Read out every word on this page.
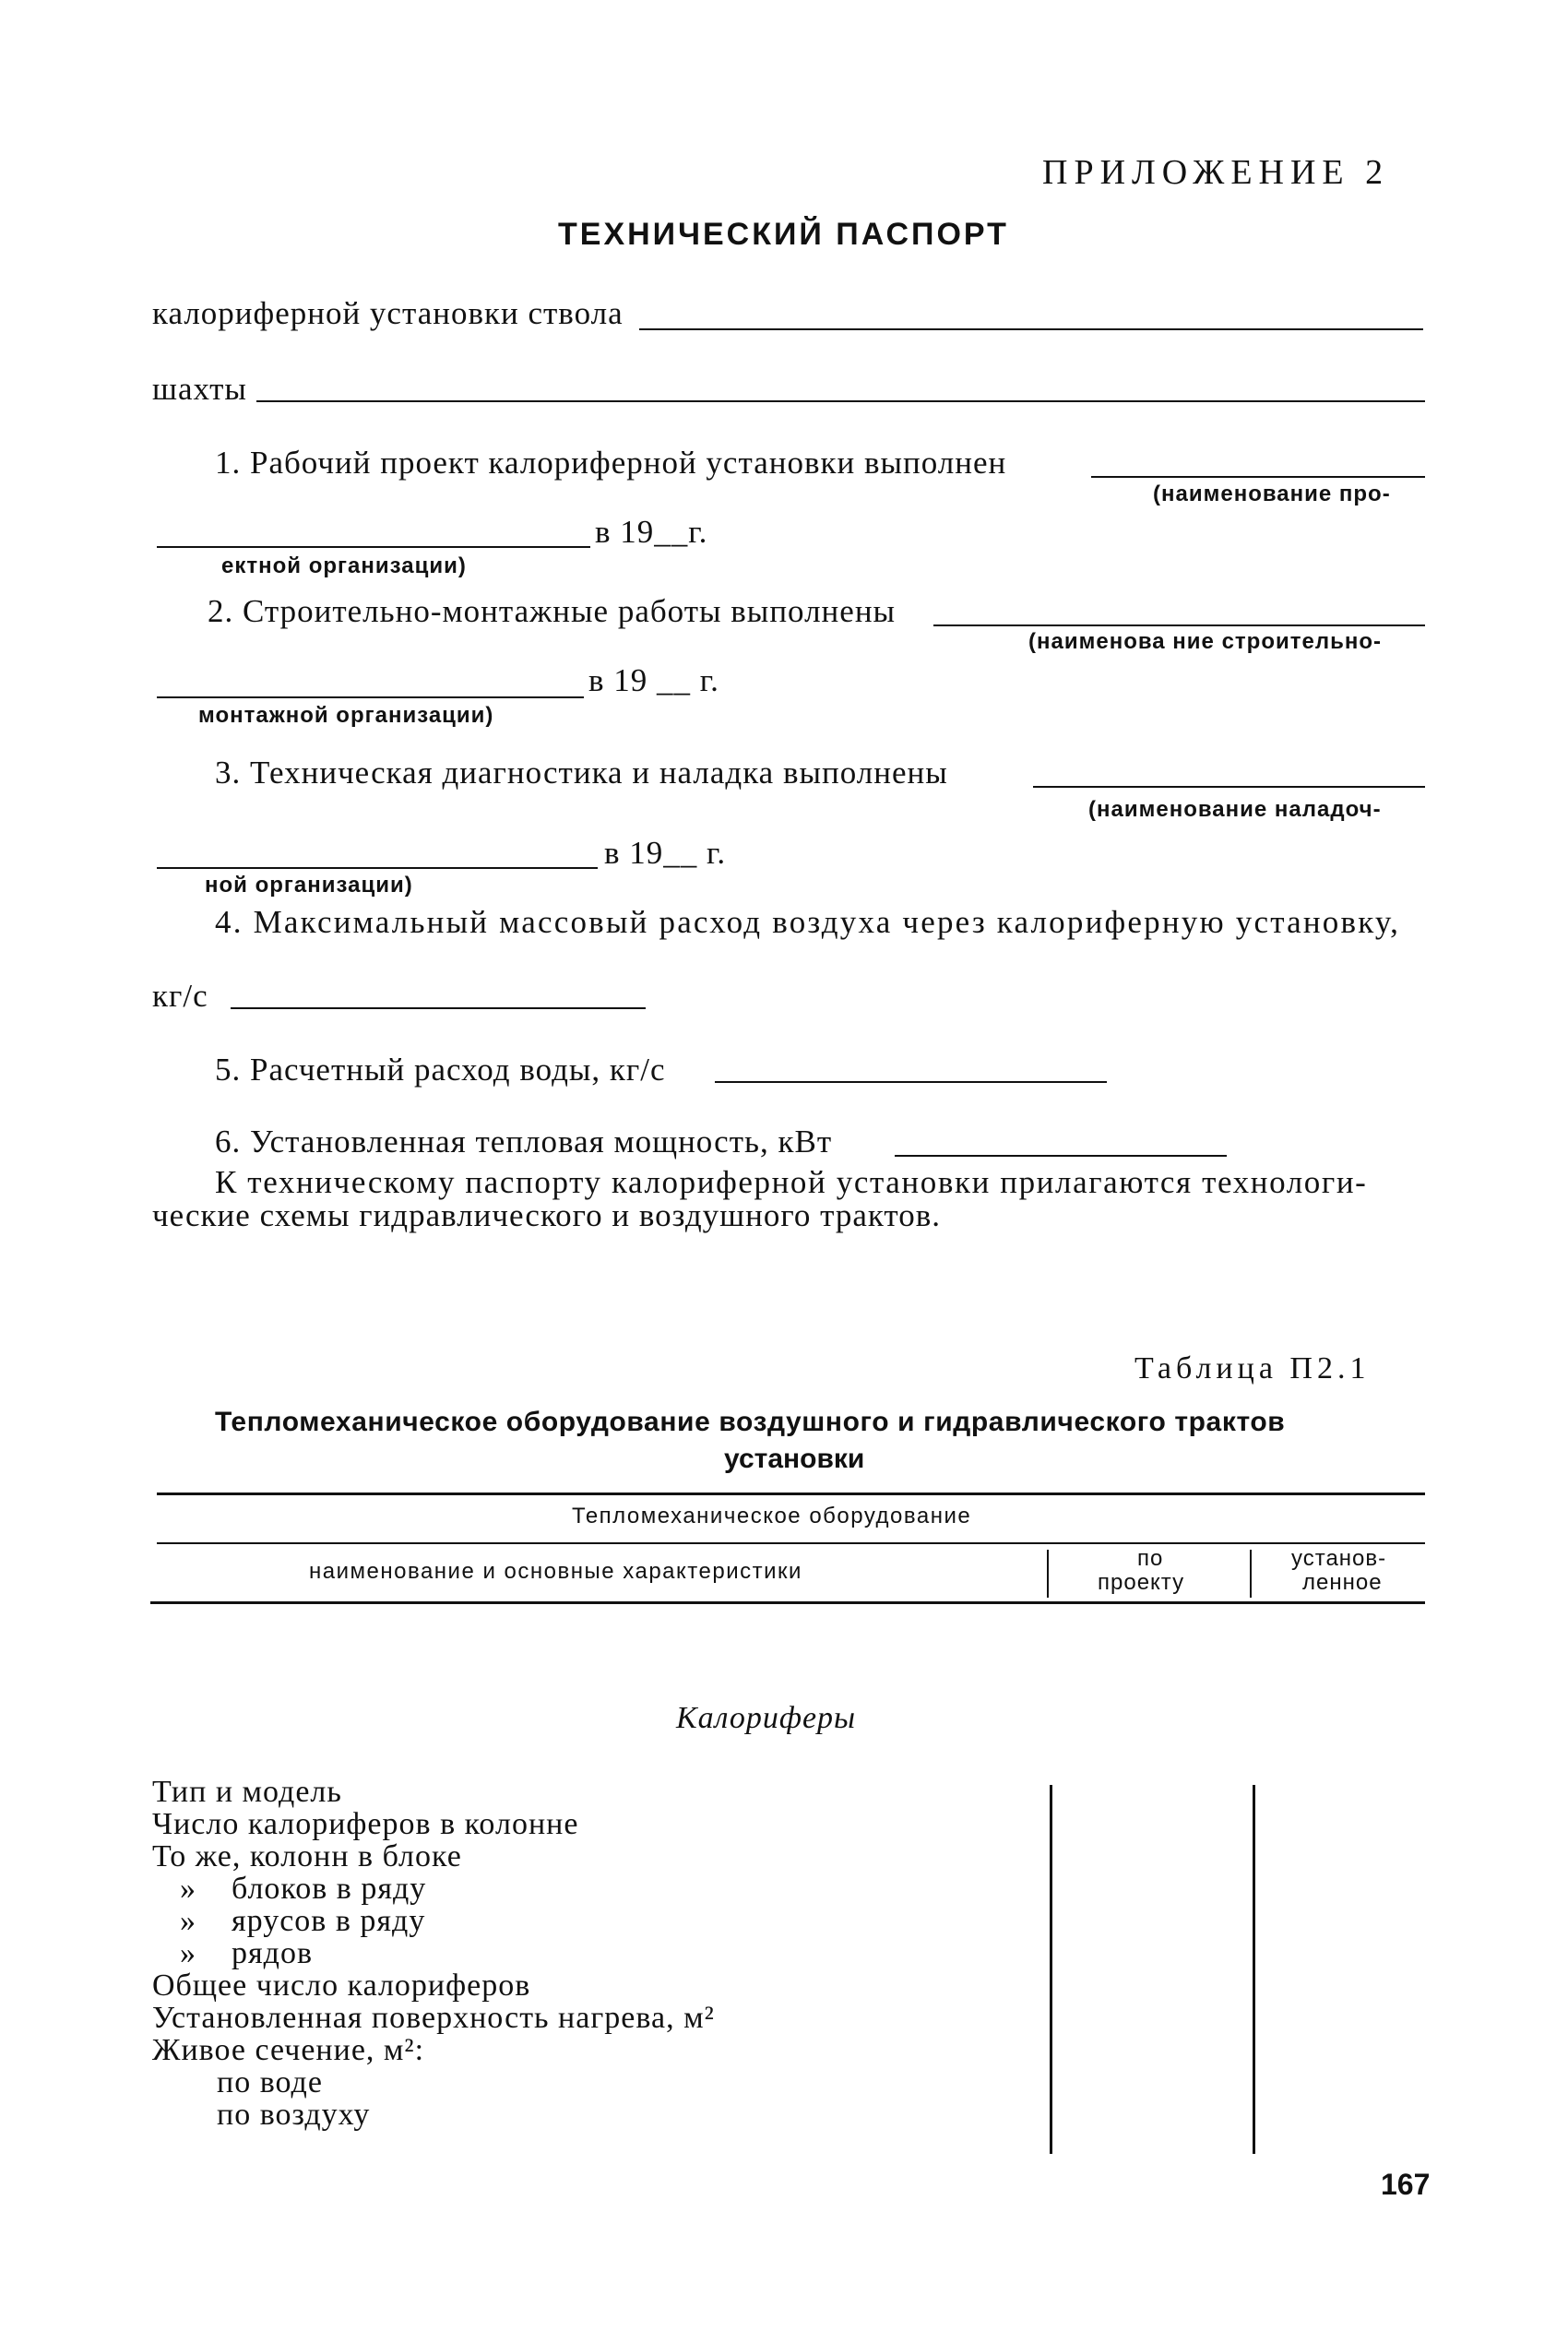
ПРИЛОЖЕНИЕ 2
ТЕХНИЧЕСКИЙ ПАСПОРТ
калориферной установки ствола
шахты
1. Рабочий проект калориферной установки выполнен
(наименование про-
в 19__г.
ектной организации)
2. Строительно-монтажные работы выполнены
(наименова ние строительно-
в 19 __ г.
монтажной организации)
3. Техническая диагностика и наладка выполнены
(наименование наладоч-
в 19__ г.
ной организации)
4. Максимальный массовый расход воздуха через калориферную установку,
кг/с
5. Расчетный расход воды, кг/с
6. Установленная тепловая мощность, кВт
К техническому паспорту калориферной установки прилагаются технологи-
ческие схемы гидравлического и воздушного трактов.
Таблица П2.1
Тепломеханическое оборудование воздушного и гидравлического трактов
установки
Тепломеханическое оборудование
наименование и основные характеристики
по
проекту
установ-
ленное
Калориферы
Тип и модель
Число калориферов в колонне
То же, колонн в блоке
»    блоков в ряду
»    ярусов в ряду
»    рядов
Общее число калориферов
Установленная поверхность нагрева, м²
Живое сечение, м²:
по воде
по воздуху
167
